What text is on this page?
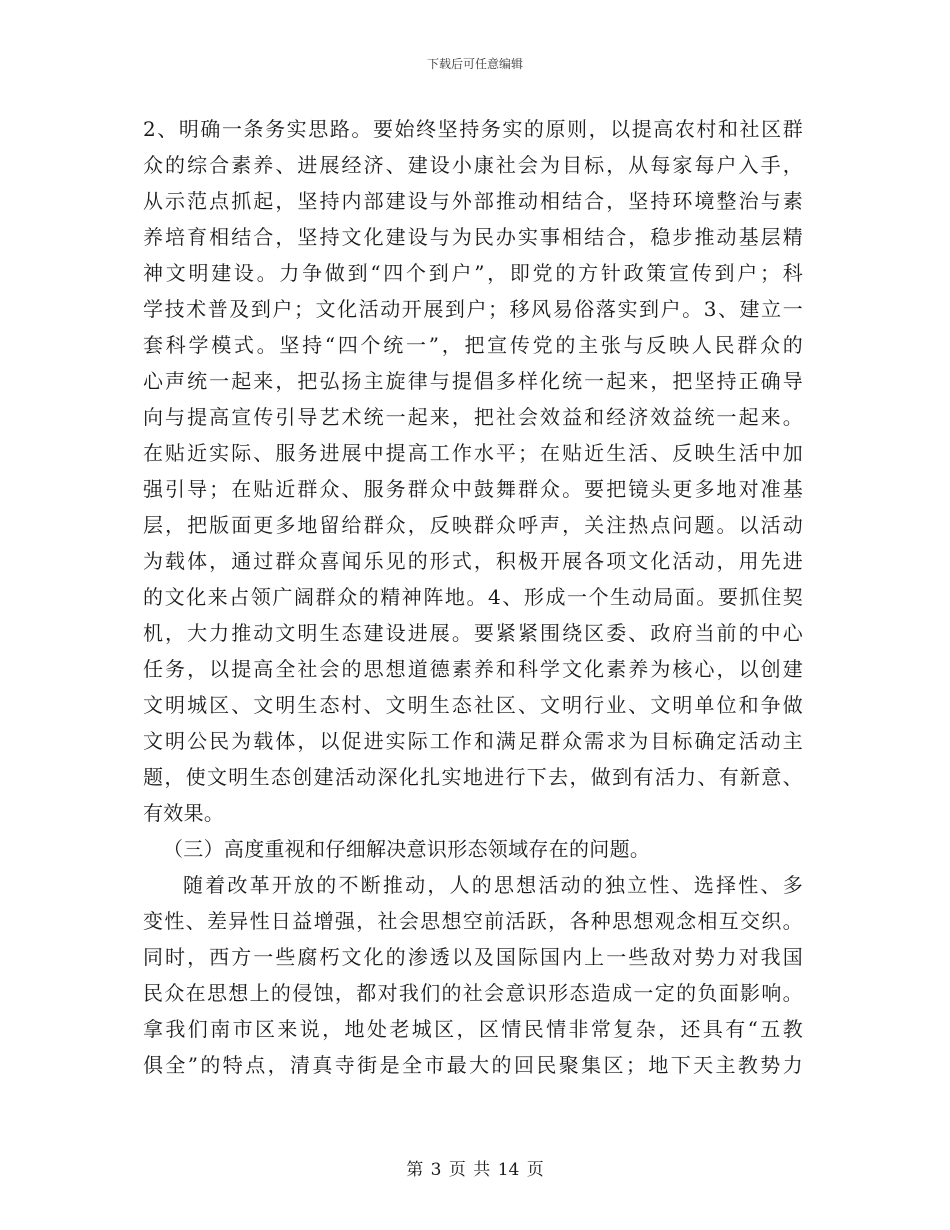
下载后可任意编辑
2、明确一条务实思路。要始终坚持务实的原则，以提高农村和社区群
众的综合素养、进展经济、建设小康社会为目标，从每家每户入手，
从示范点抓起，坚持内部建设与外部推动相结合，坚持环境整治与素
养培育相结合，坚持文化建设与为民办实事相结合，稳步推动基层精
神文明建设。力争做到“四个到户”，即党的方针政策宣传到户；科
学技术普及到户；文化活动开展到户；移风易俗落实到户。3、建立一
套科学模式。坚持“四个统一”，把宣传党的主张与反映人民群众的
心声统一起来，把弘扬主旋律与提倡多样化统一起来，把坚持正确导
向与提高宣传引导艺术统一起来，把社会效益和经济效益统一起来。
在贴近实际、服务进展中提高工作水平；在贴近生活、反映生活中加
强引导；在贴近群众、服务群众中鼓舞群众。要把镜头更多地对准基
层，把版面更多地留给群众，反映群众呼声，关注热点问题。以活动
为载体，通过群众喜闻乐见的形式，积极开展各项文化活动，用先进
的文化来占领广阔群众的精神阵地。4、形成一个生动局面。要抓住契
机，大力推动文明生态建设进展。要紧紧围绕区委、政府当前的中心
任务，以提高全社会的思想道德素养和科学文化素养为核心，以创建
文明城区、文明生态村、文明生态社区、文明行业、文明单位和争做
文明公民为载体，以促进实际工作和满足群众需求为目标确定活动主
题，使文明生态创建活动深化扎实地进行下去，做到有活力、有新意、
有效果。
（三）高度重视和仔细解决意识形态领域存在的问题。
随着改革开放的不断推动，人的思想活动的独立性、选择性、多
变性、差异性日益增强，社会思想空前活跃，各种思想观念相互交织。
同时，西方一些腐朽文化的渗透以及国际国内上一些敌对势力对我国
民众在思想上的侵蚀，都对我们的社会意识形态造成一定的负面影响。
拿我们南市区来说，地处老城区，区情民情非常复杂，还具有“五教
俱全”的特点，清真寺街是全市最大的回民聚集区；地下天主教势力
第 3 页 共 14 页
